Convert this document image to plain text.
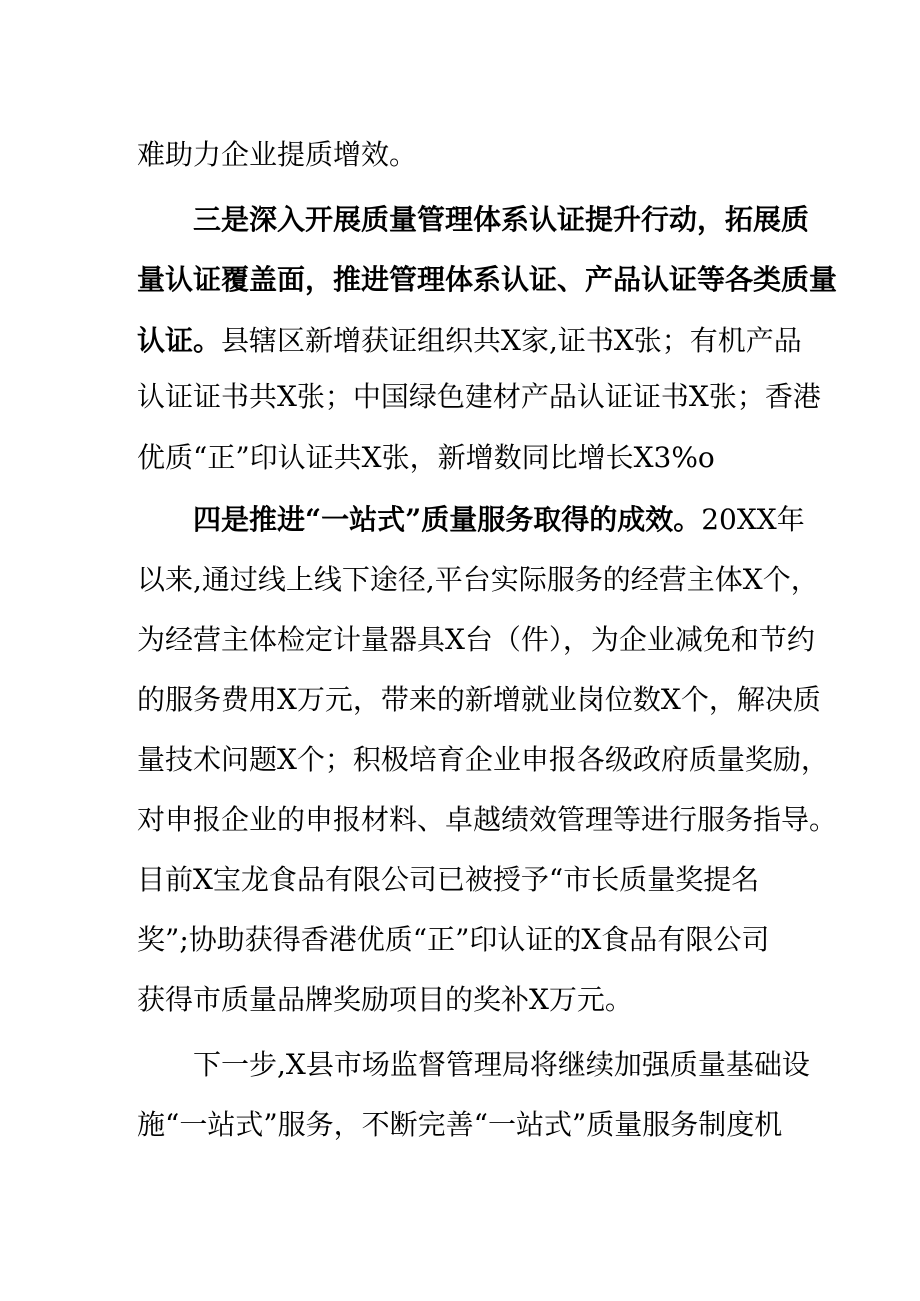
难助力企业提质增效。
三是深入开展质量管理体系认证提升行动，拓展质
量认证覆盖面，推进管理体系认证、产品认证等各类质量
认证。县辖区新增获证组织共X家,证书X张；有机产品
认证证书共X张；中国绿色建材产品认证证书X张；香港
优质“正”印认证共X张，新增数同比增长X3%o
四是推进“一站式”质量服务取得的成效。20XX年
以来,通过线上线下途径,平台实际服务的经营主体X个，
为经营主体检定计量器具X台（件），为企业减免和节约
的服务费用X万元，带来的新增就业岗位数X个，解决质
量技术问题X个；积极培育企业申报各级政府质量奖励，
对申报企业的申报材料、卓越绩效管理等进行服务指导。
目前X宝龙食品有限公司已被授予“市长质量奖提名
奖”;协助获得香港优质“正”印认证的X食品有限公司
获得市质量品牌奖励项目的奖补X万元。
下一步,X县市场监督管理局将继续加强质量基础设
施“一站式”服务，不断完善“一站式”质量服务制度机
